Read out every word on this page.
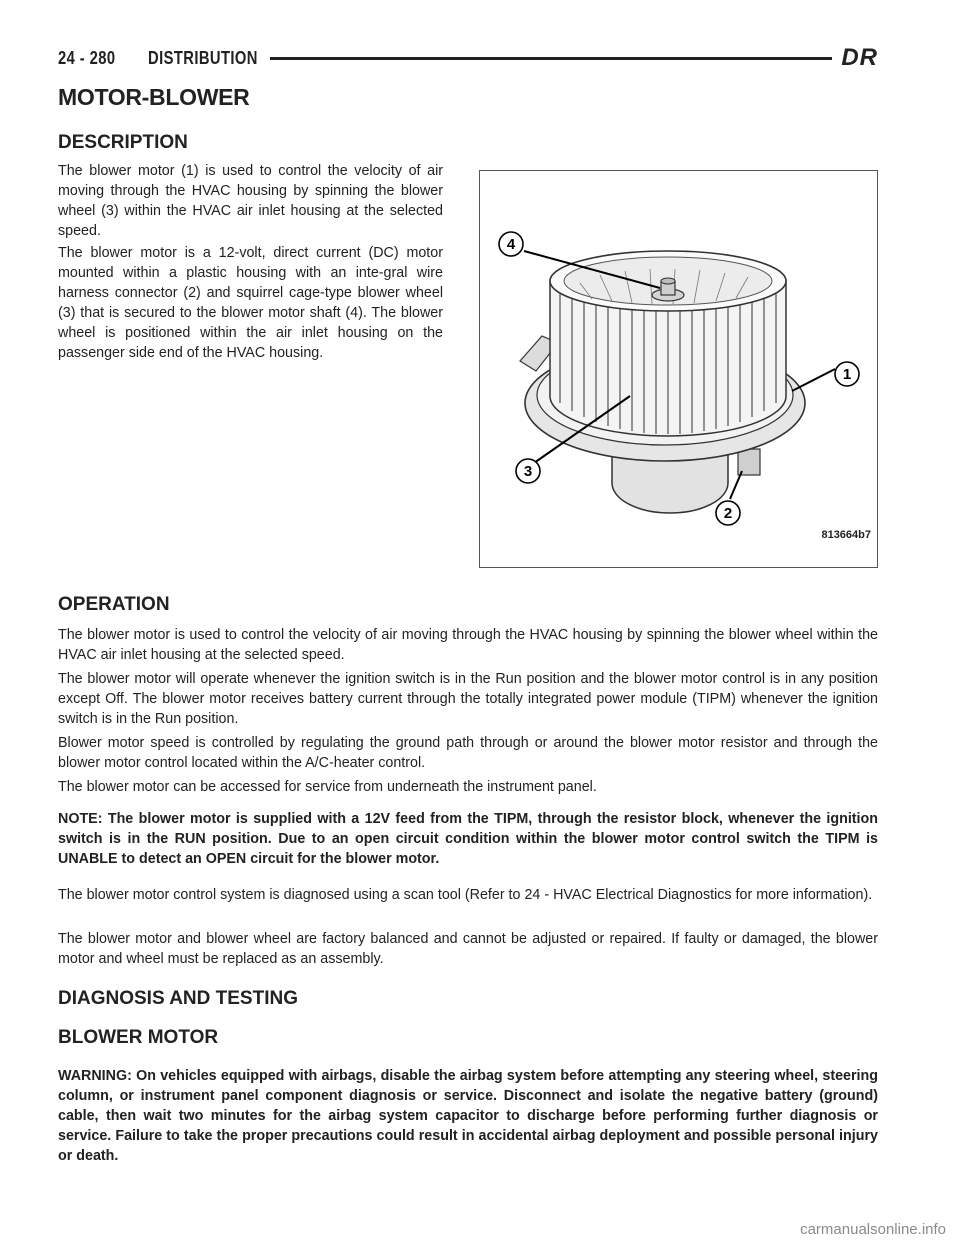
24 - 280 DISTRIBUTION	DR
MOTOR-BLOWER
DESCRIPTION

The blower motor (1) is used to control the velocity of air moving through the HVAC housing by spinning the blower wheel (3) within the HVAC air inlet housing at the selected speed.

The blower motor is a 12-volt, direct current (DC) motor mounted within a plastic housing with an inte-gral wire harness connector (2) and squirrel cage-type blower wheel (3) that is secured to the blower motor shaft (4). The blower wheel is positioned within the air inlet housing on the passenger side end of the HVAC housing.

4
1
3
2
813664b7
OPERATION

The blower motor is used to control the velocity of air moving through the HVAC housing by spinning the blower wheel within the HVAC air inlet housing at the selected speed.

The blower motor will operate whenever the ignition switch is in the Run position and the blower motor control is in any position except Off. The blower motor receives battery current through the totally integrated power module (TIPM) whenever the ignition switch is in the Run position.

Blower motor speed is controlled by regulating the ground path through or around the blower motor resistor and through the blower motor control located within the A/C-heater control.

The blower motor can be accessed for service from underneath the instrument panel.

NOTE: The blower motor is supplied with a 12V feed from the TIPM, through the resistor block, whenever the ignition switch is in the RUN position. Due to an open circuit condition within the blower motor control switch the TIPM is UNABLE to detect an OPEN circuit for the blower motor.

The blower motor control system is diagnosed using a scan tool (Refer to 24 - HVAC Electrical Diagnostics for more information).

The blower motor and blower wheel are factory balanced and cannot be adjusted or repaired. If faulty or damaged, the blower motor and wheel must be replaced as an assembly.

DIAGNOSIS AND TESTING
BLOWER MOTOR

WARNING: On vehicles equipped with airbags, disable the airbag system before attempting any steering wheel, steering column, or instrument panel component diagnosis or service. Disconnect and isolate the negative battery (ground) cable, then wait two minutes for the airbag system capacitor to discharge before performing further diagnosis or service. Failure to take the proper precautions could result in accidental airbag deployment and possible personal injury or death.

carmanualsonline.info
